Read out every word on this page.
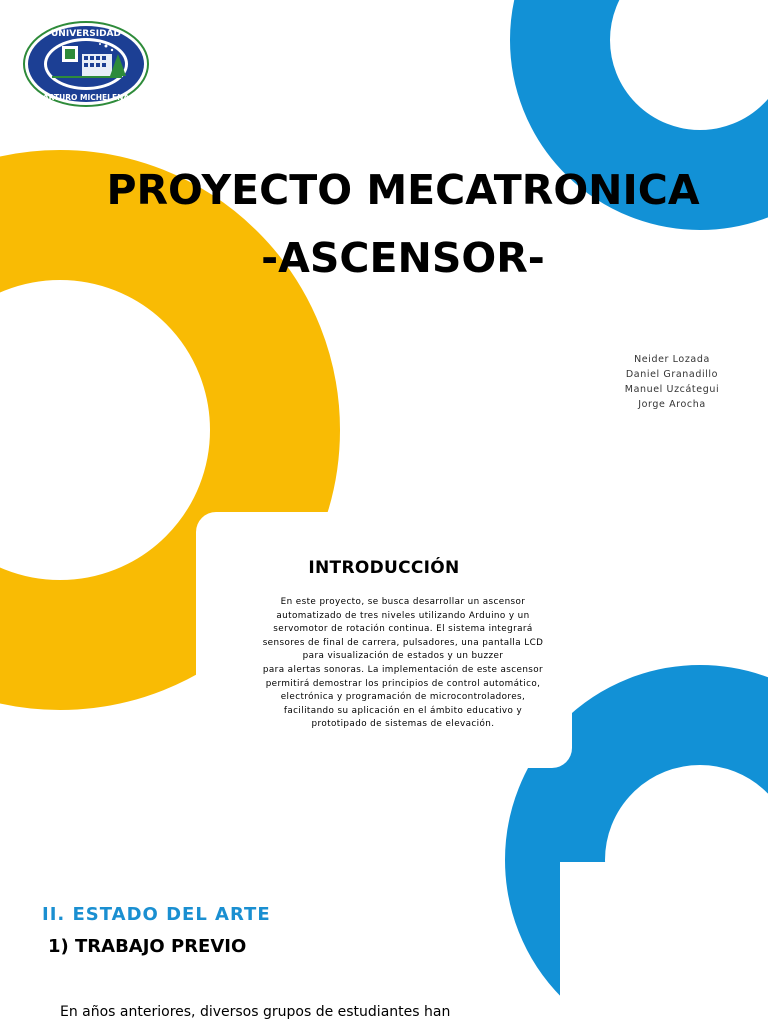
UNIVERSIDAD
ARTURO MICHELENA
PROYECTO MECATRONICA
-ASCENSOR-
Neider Lozada
Daniel Granadillo
Manuel Uzcátegui
Jorge Arocha
INTRODUCCIÓN
En este proyecto, se busca desarrollar un ascensor
automatizado de tres niveles utilizando Arduino y un
servomotor de rotación continua. El sistema integrará
sensores de final de carrera, pulsadores, una pantalla LCD
para visualización de estados y un buzzer
para alertas sonoras. La implementación de este ascensor
permitirá demostrar los principios de control automático,
electrónica y programación de microcontroladores,
facilitando su aplicación en el ámbito educativo y
prototipado de sistemas de elevación.
II. ESTADO DEL ARTE
1) TRABAJO PREVIO
En años anteriores, diversos grupos de estudiantes han
